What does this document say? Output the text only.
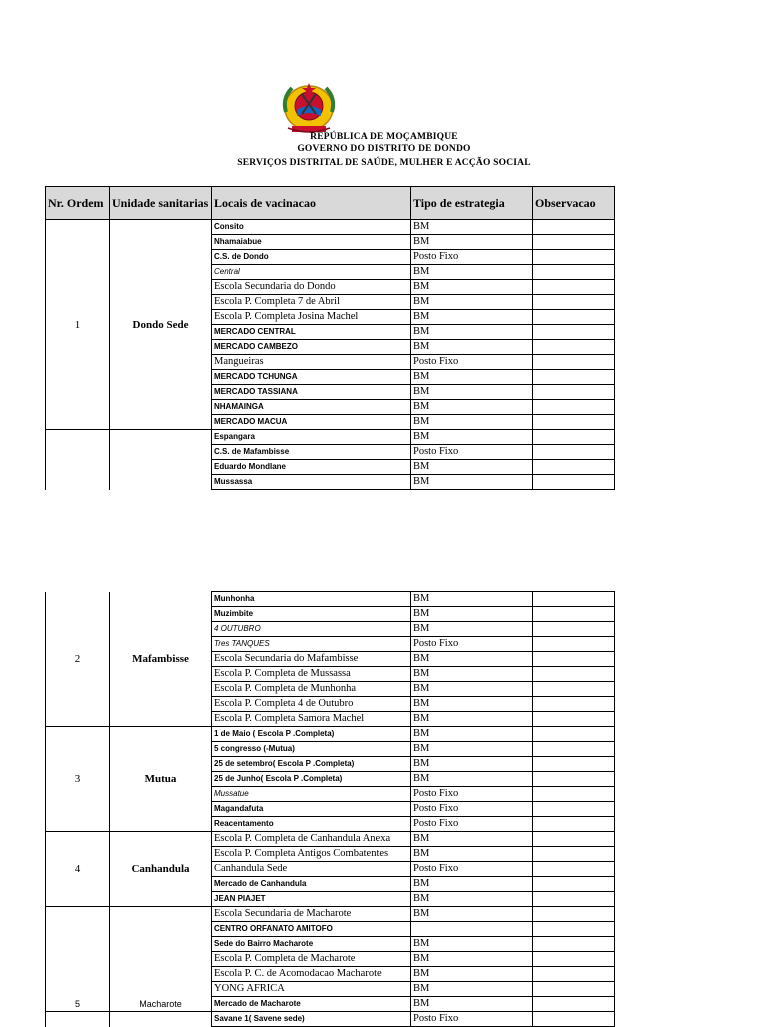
REPÚBLICA DE MOÇAMBIQUE
GOVERNO DO DISTRITO DE DONDO
SERVIÇOS DISTRITAL DE SAÚDE, MULHER E ACÇÃO SOCIAL
Nr. Ordem	Unidade sanitarias	Locais de vacinacao	Tipo de estrategia	Observacao
1	Dondo Sede	Consito	BM	
		Nhamaiabue	BM	
		C.S. de Dondo	Posto Fixo	
		Central	BM	
		Escola Secundaria do Dondo	BM	
		Escola P. Completa 7 de Abril	BM	
		Escola P. Completa Josina Machel	BM	
		MERCADO CENTRAL	BM	
		MERCADO CAMBEZO	BM	
		Mangueiras	Posto Fixo	
		MERCADO TCHUNGA	BM	
		MERCADO TASSIANA	BM	
		NHAMAINGA	BM	
		MERCADO MACUA	BM	
		Espangara	BM	
		C.S. de Mafambisse	Posto Fixo	
		Eduardo Mondlane	BM	
		Mussassa	BM	
2	Mafambisse	Munhonha	BM	
		Muzimbite	BM	
		4 OUTUBRO	BM	
		Tres TANQUES	Posto Fixo	
		Escola Secundaria do Mafambisse	BM	
		Escola P. Completa de Mussassa	BM	
		Escola P. Completa de Munhonha	BM	
		Escola P. Completa 4 de Outubro	BM	
		Escola P. Completa Samora Machel	BM	
3	Mutua	1 de Maio ( Escola P .Completa)	BM	
		5 congresso (-Mutua)	BM	
		25 de setembro( Escola P .Completa)	BM	
		25 de Junho( Escola P .Completa)	BM	
		Mussatue	Posto Fixo	
		Magandafuta	Posto Fixo	
		Reacentamento	Posto Fixo	
4	Canhandula	Escola P. Completa de Canhandula Anexa	BM	
		Escola P. Completa Antigos Combatentes	BM	
		Canhandula Sede	Posto Fixo	
		Mercado de Canhandula	BM	
		JEAN PIAJET	BM	
5	Macharote	Escola Secundaria de Macharote	BM	
		CENTRO ORFANATO AMITOFO		
		Sede do Bairro Macharote	BM	
		Escola P. Completa de Macharote	BM	
		Escola P. C. de Acomodacao Macharote	BM	
		YONG AFRICA	BM	
		Mercado de Macharote	BM	
		Savane 1( Savene sede)	Posto Fixo	
